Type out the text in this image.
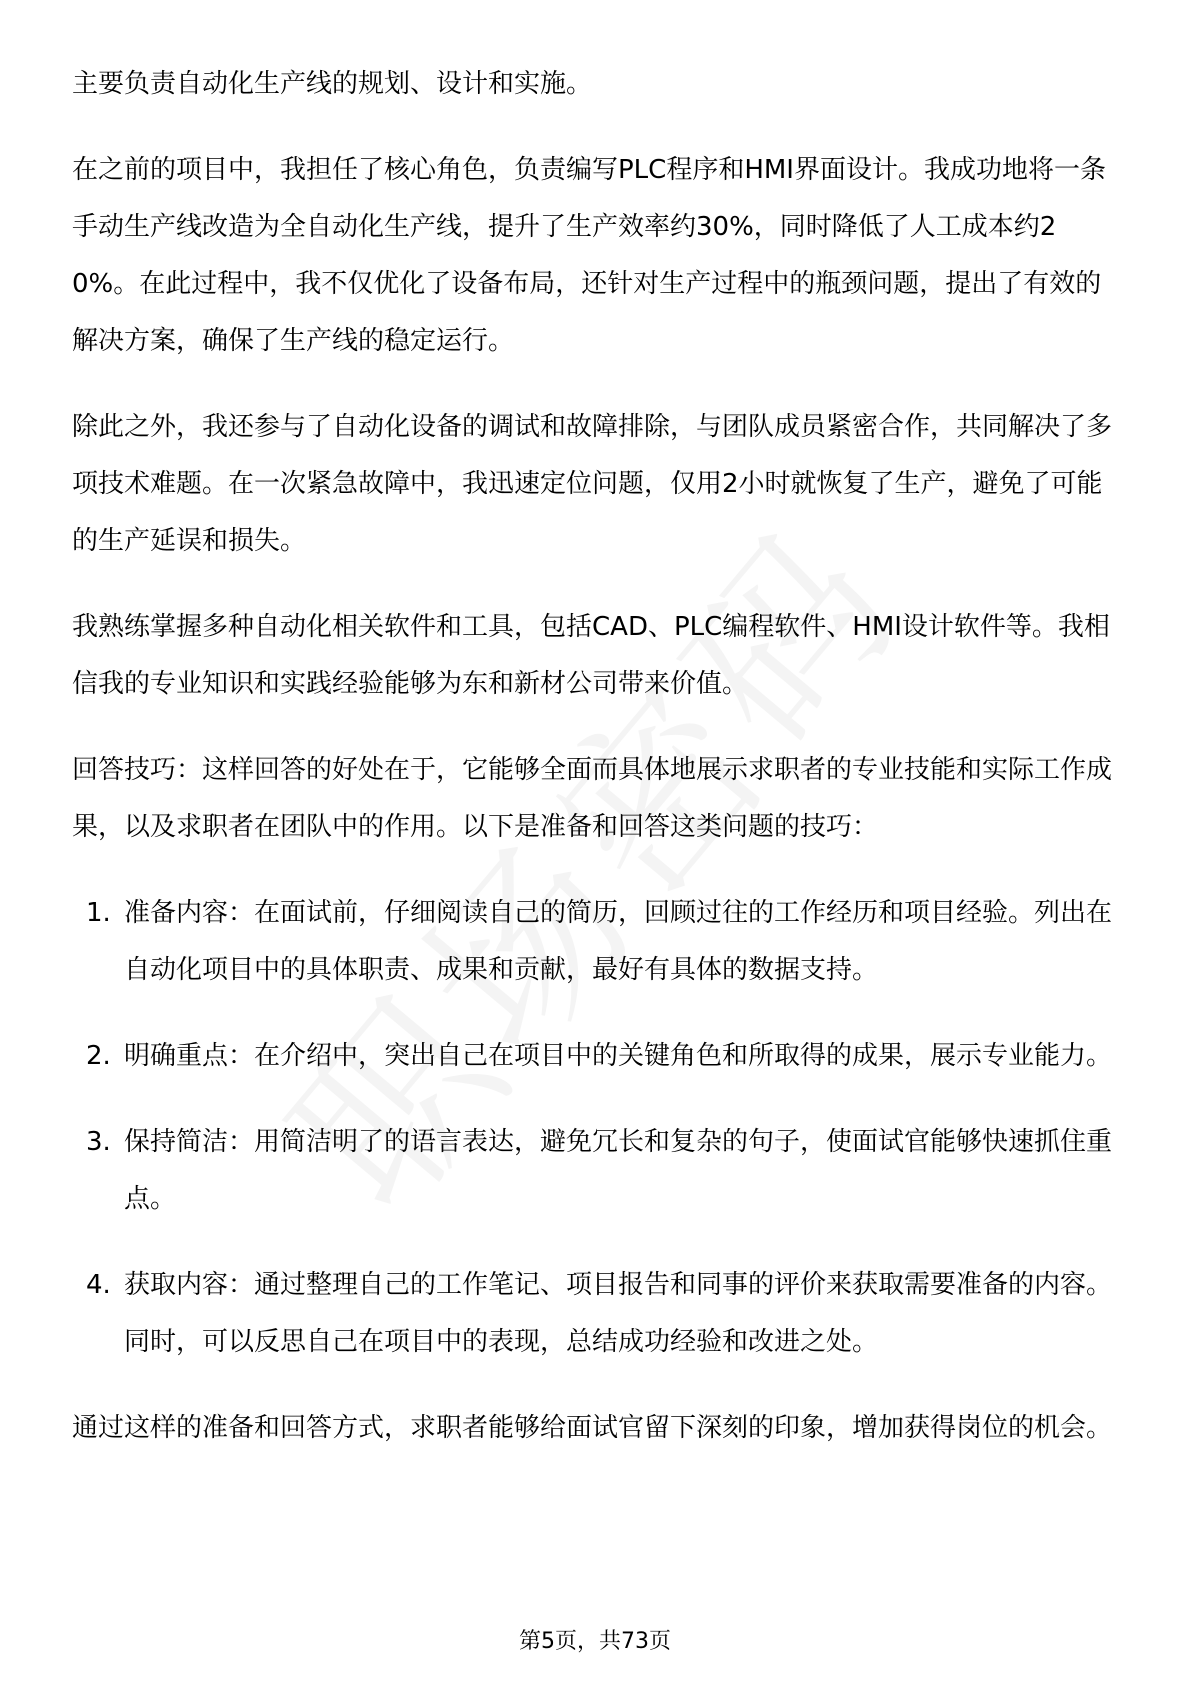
主要负责自动化生产线的规划、设计和实施。

在之前的项目中，我担任了核心角色，负责编写PLC程序和HMI界面设计。我成功地将一条手动生产线改造为全自动化生产线，提升了生产效率约30%，同时降低了人工成本约20%。在此过程中，我不仅优化了设备布局，还针对生产过程中的瓶颈问题，提出了有效的解决方案，确保了生产线的稳定运行。

除此之外，我还参与了自动化设备的调试和故障排除，与团队成员紧密合作，共同解决了多项技术难题。在一次紧急故障中，我迅速定位问题，仅用2小时就恢复了生产，避免了可能的生产延误和损失。

我熟练掌握多种自动化相关软件和工具，包括CAD、PLC编程软件、HMI设计软件等。我相信我的专业知识和实践经验能够为东和新材公司带来价值。

回答技巧：这样回答的好处在于，它能够全面而具体地展示求职者的专业技能和实际工作成果，以及求职者在团队中的作用。以下是准备和回答这类问题的技巧：

1. 准备内容：在面试前，仔细阅读自己的简历，回顾过往的工作经历和项目经验。列出在自动化项目中的具体职责、成果和贡献，最好有具体的数据支持。
2. 明确重点：在介绍中，突出自己在项目中的关键角色和所取得的成果，展示专业能力。
3. 保持简洁：用简洁明了的语言表达，避免冗长和复杂的句子，使面试官能够快速抓住重点。
4. 获取内容：通过整理自己的工作笔记、项目报告和同事的评价来获取需要准备的内容。同时，可以反思自己在项目中的表现，总结成功经验和改进之处。

通过这样的准备和回答方式，求职者能够给面试官留下深刻的印象，增加获得岗位的机会。

第5页，共73页
